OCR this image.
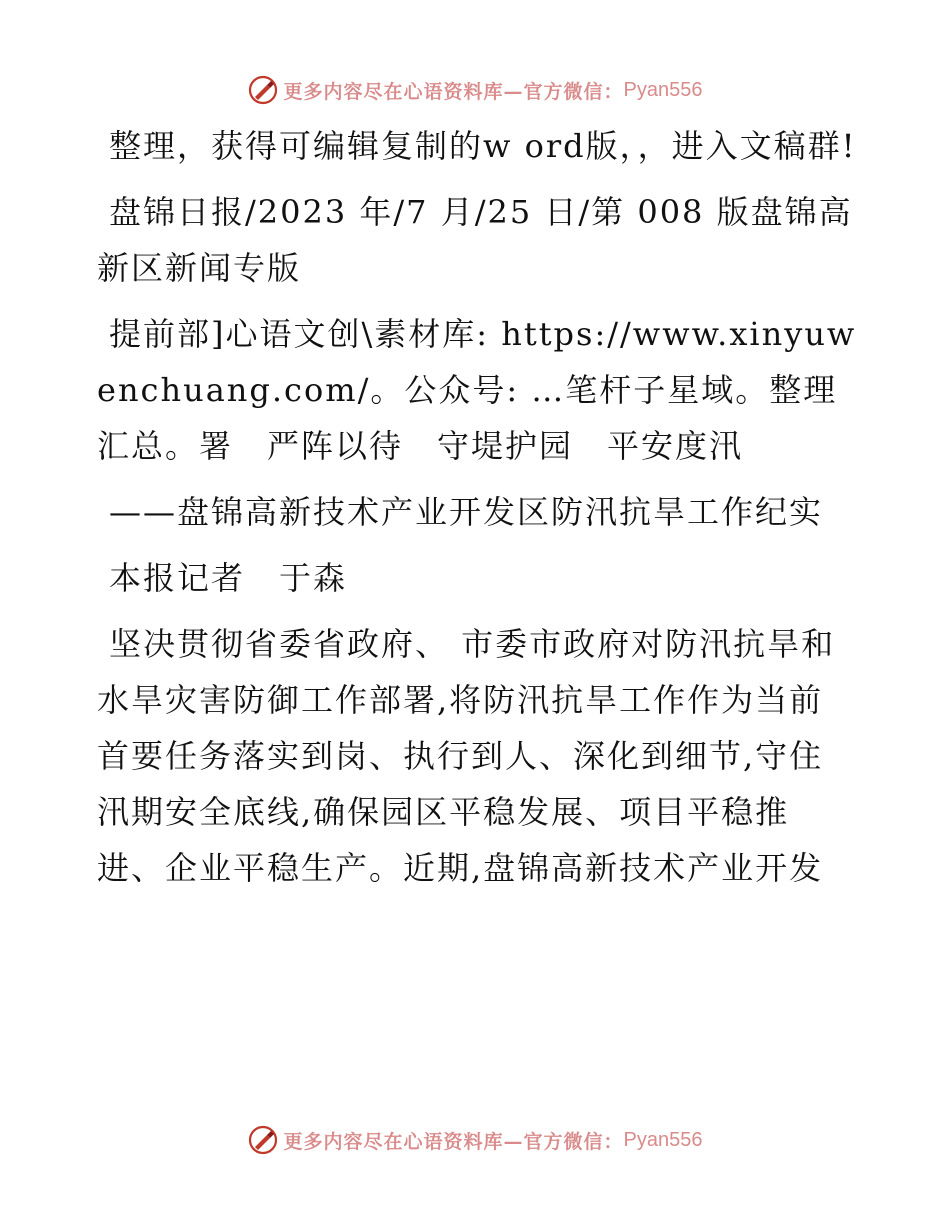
更多内容尽在心语资料库—官方微信： Pyan556

整理，获得可编辑复制的w ord版，，进入文稿群!

盘锦日报/2023 年/7 月/25 日/第 008 版盘锦高新区新闻专版

提前部]心语文创\素材库: https://www.xinyuwenchuang.com/。公众号: …笔杆子星域。整理汇总。署　严阵以待　守堤护园　平安度汛

——盘锦高新技术产业开发区防汛抗旱工作纪实

本报记者　于森

坚决贯彻省委省政府、 市委市政府对防汛抗旱和水旱灾害防御工作部署,将防汛抗旱工作作为当前首要任务落实到岗、执行到人、深化到细节,守住汛期安全底线,确保园区平稳发展、项目平稳推进、企业平稳生产。近期,盘锦高新技术产业开发

更多内容尽在心语资料库—官方微信： Pyan556
